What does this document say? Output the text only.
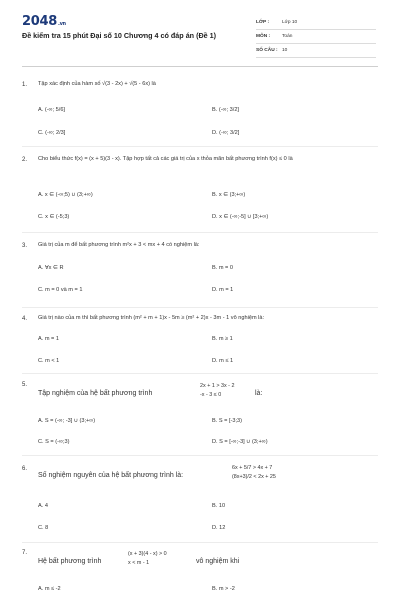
2048.vn
Đề kiểm tra 15 phút Đại số 10 Chương 4 có đáp án (Đề 1)
LỚP :	Lớp 10
MÔN :	Toán
SỐ CÂU : 10
1. Tập xác định của hàm số √(3 - 2x) + √(5 - 6x) là
A. (-∞; 5/6]	B. (-∞; 3/2]
C. (-∞; 2/3]	D. (-∞; 3/2]
2. Cho biểu thức f(x) = (x + 5)(3 - x). Tập hợp tất cả các giá trị của x thỏa mãn bất phương trình f(x) ≤ 0 là
A. x ∈ (-∞;5) ∪ (3;+∞)	B. x ∈ (3;+∞)
C. x ∈ (-5;3)	D. x ∈ (-∞;-5] ∪ [3;+∞)
3. Giá trị của m để bất phương trình m²x + 3 < mx + 4 có nghiệm là:
A. ∀x ∈ R	B. m = 0
C. m = 0 và m = 1	D. m = 1
4. Giá trị nào của m thì bất phương trình (m² + m + 1)x - 5m ≥ (m² + 2)x - 3m - 1 vô nghiệm là:
A. m = 1	B. m ≥ 1
C. m < 1	D. m ≤ 1
5.
Tập nghiệm của hệ bất phương trình
2x + 1 > 3x - 2
-x - 3 ≤ 0	là:
A. S = (-∞; -3] ∪ (3;+∞)	B. S = [-3;3)
C. S = (-∞;3)	D. S = [-∞;-3] ∪ (3;+∞)
6.
Số nghiệm nguyên của hệ bất phương trình là:
6x + 5/7 > 4x + 7
(8x+3)/2 < 2x + 25
A. 4	B. 10
C. 8	D. 12
7.
Hệ bất phương trình
(x + 3)(4 - x) > 0
x < m - 1	vô nghiệm khi
A. m ≤ -2	B. m > -2
